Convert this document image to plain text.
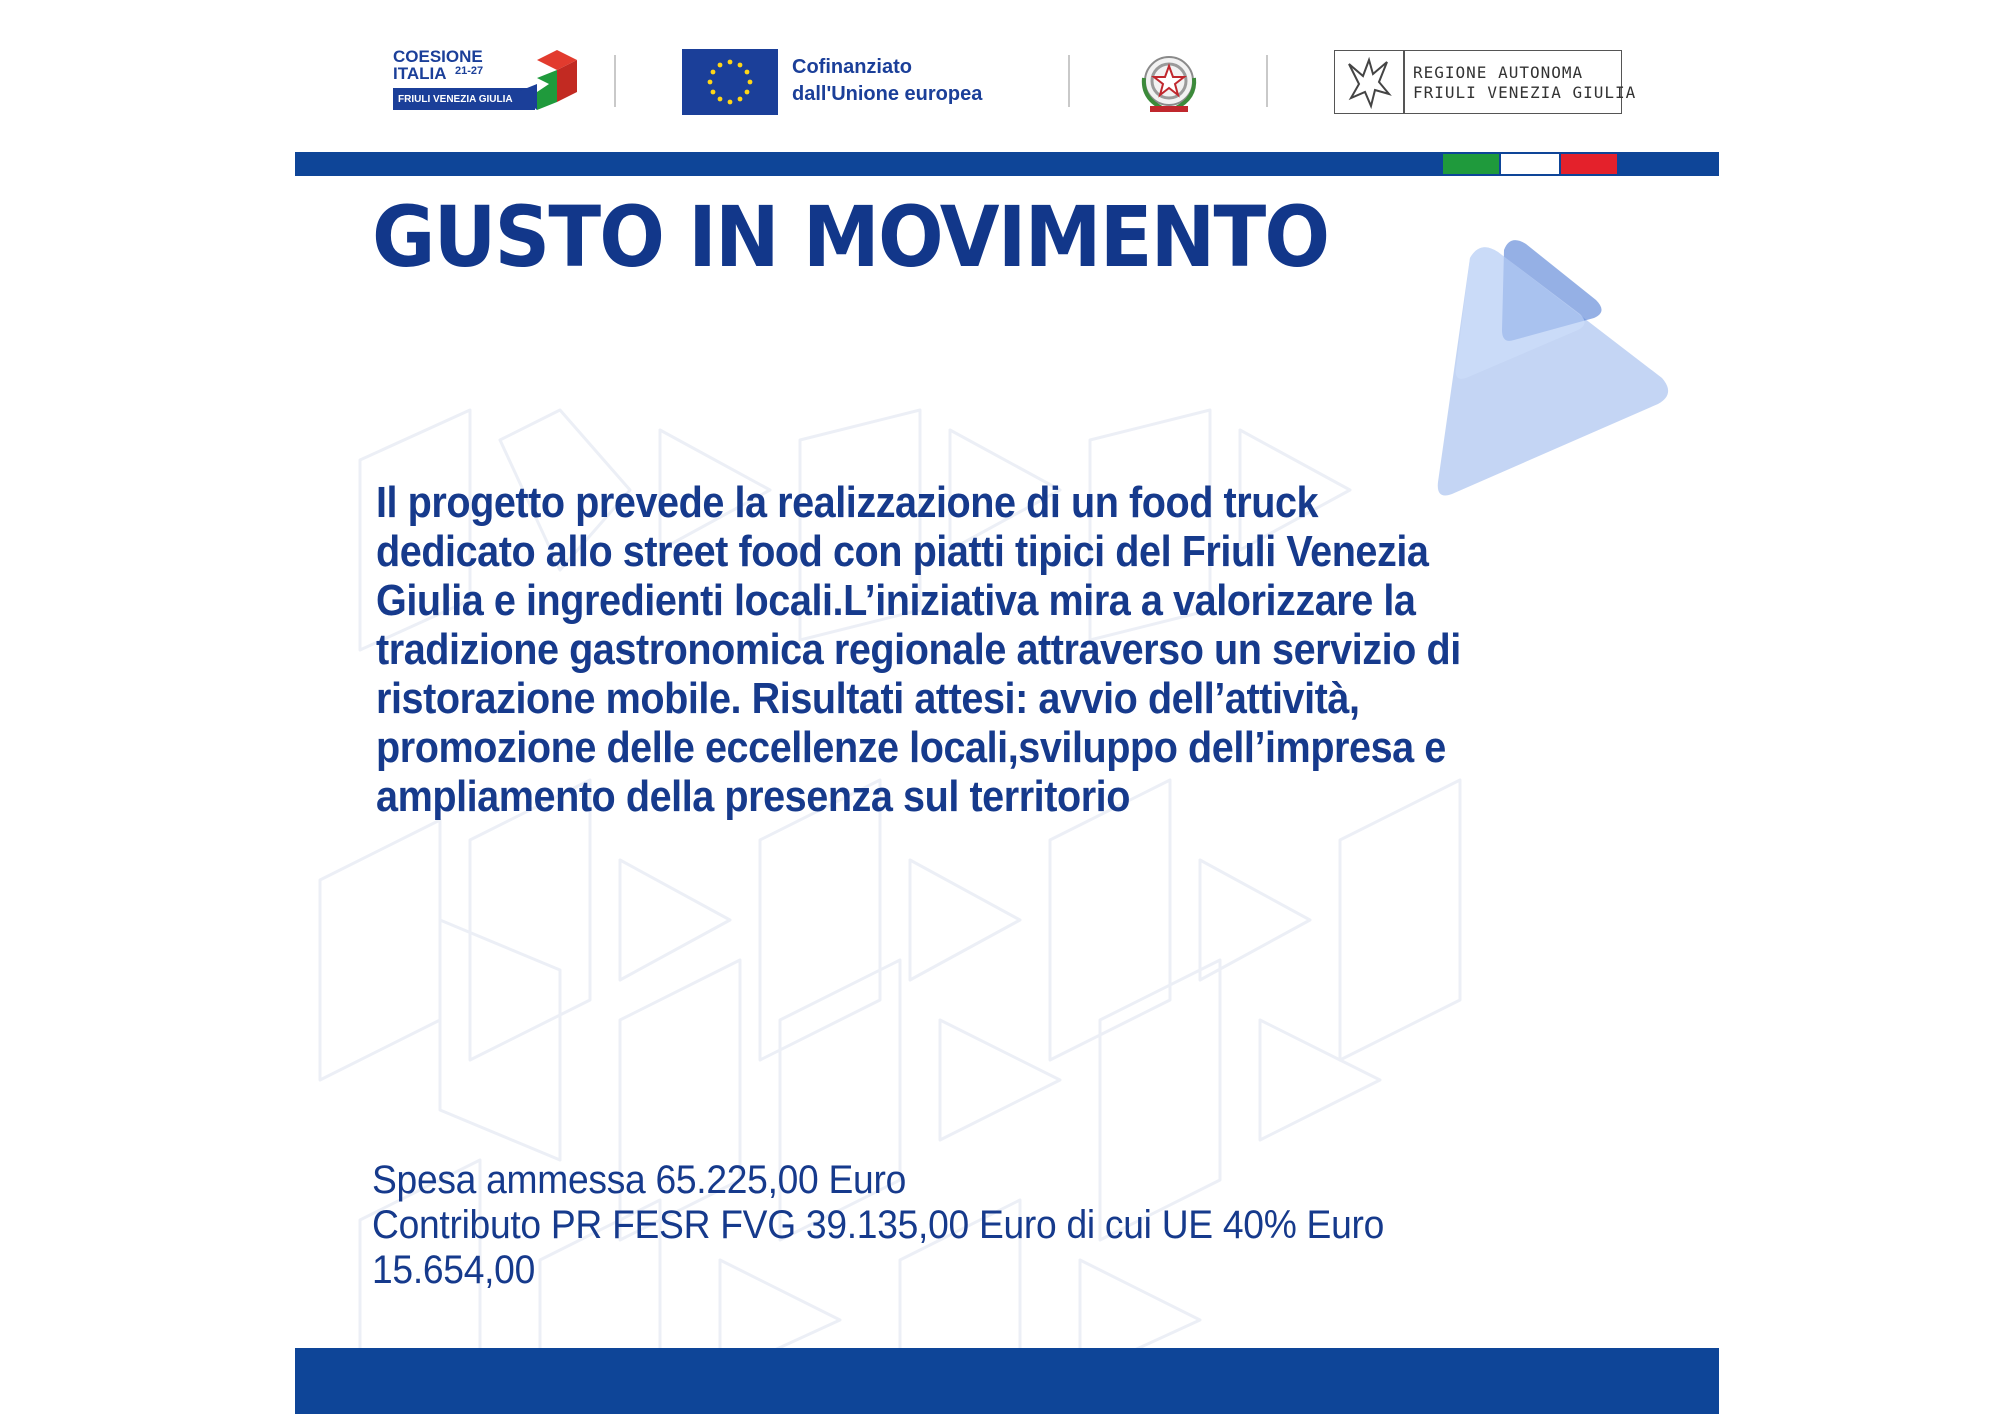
COESIONE
ITALIA 21-27
FRIULI VENEZIA GIULIA
Cofinanziato
dall'Unione europea
REGIONE AUTONOMA
FRIULI VENEZIA GIULIA
GUSTO IN MOVIMENTO

Il progetto prevede la realizzazione di un food truck dedicato allo street food con piatti tipici del Friuli Venezia Giulia e ingredienti locali.L’iniziativa mira a valorizzare la tradizione gastronomica regionale attraverso un servizio di ristorazione mobile. Risultati attesi: avvio dell’attività, promozione delle eccellenze locali,sviluppo dell’impresa e ampliamento della presenza sul territorio

Spesa ammessa 65.225,00 Euro
Contributo PR FESR FVG 39.135,00 Euro di cui UE 40% Euro 15.654,00
